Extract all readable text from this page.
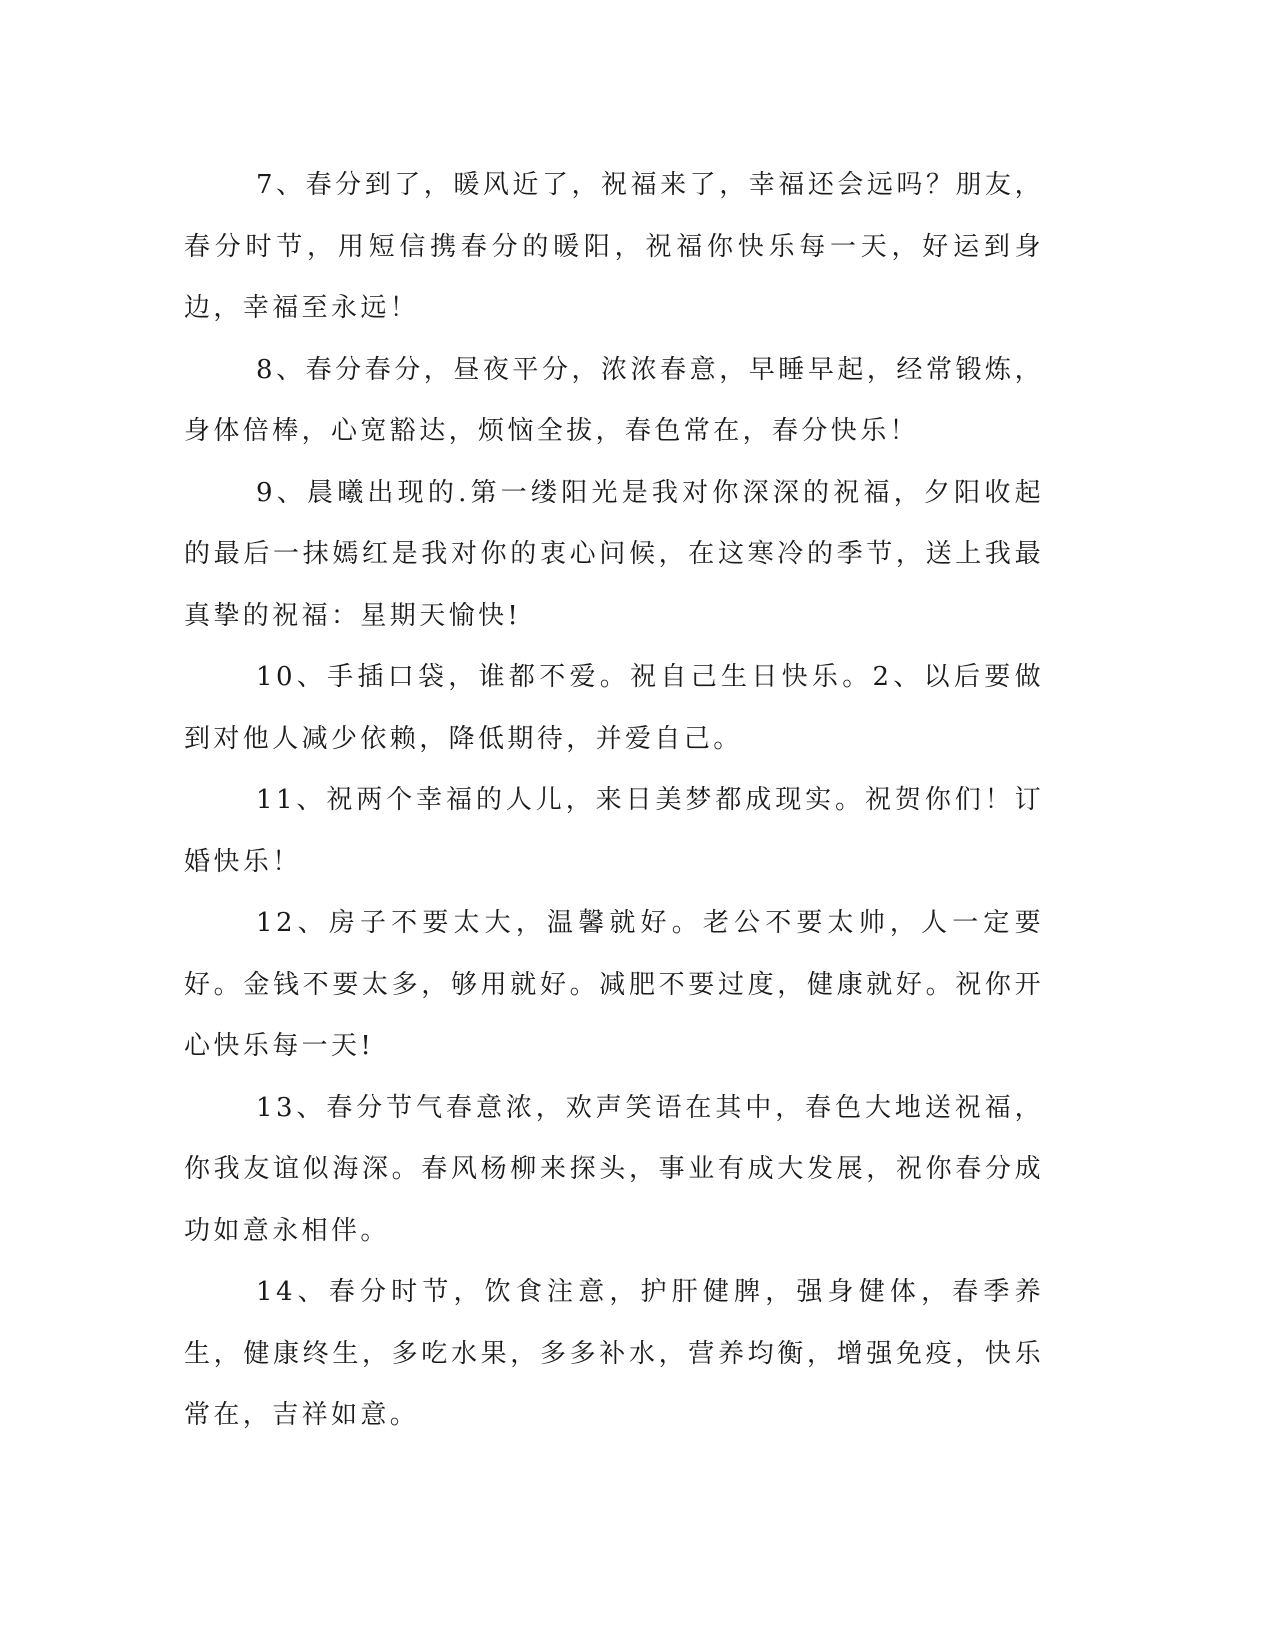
7、春分到了，暖风近了，祝福来了，幸福还会远吗？朋友，春分时节，用短信携春分的暖阳，祝福你快乐每一天，好运到身边，幸福至永远！

8、春分春分，昼夜平分，浓浓春意，早睡早起，经常锻炼，身体倍棒，心宽豁达，烦恼全拔，春色常在，春分快乐！

9、晨曦出现的.第一缕阳光是我对你深深的祝福，夕阳收起的最后一抹嫣红是我对你的衷心问候，在这寒冷的季节，送上我最真挚的祝福：星期天愉快!

10、手插口袋，谁都不爱。祝自己生日快乐。2、以后要做到对他人减少依赖，降低期待，并爱自己。

11、祝两个幸福的人儿，来日美梦都成现实。祝贺你们！订婚快乐！

12、房子不要太大，温馨就好。老公不要太帅，人一定要好。金钱不要太多，够用就好。减肥不要过度，健康就好。祝你开心快乐每一天!

13、春分节气春意浓，欢声笑语在其中，春色大地送祝福，你我友谊似海深。春风杨柳来探头，事业有成大发展，祝你春分成功如意永相伴。

14、春分时节，饮食注意，护肝健脾，强身健体，春季养生，健康终生，多吃水果，多多补水，营养均衡，增强免疫，快乐常在，吉祥如意。
